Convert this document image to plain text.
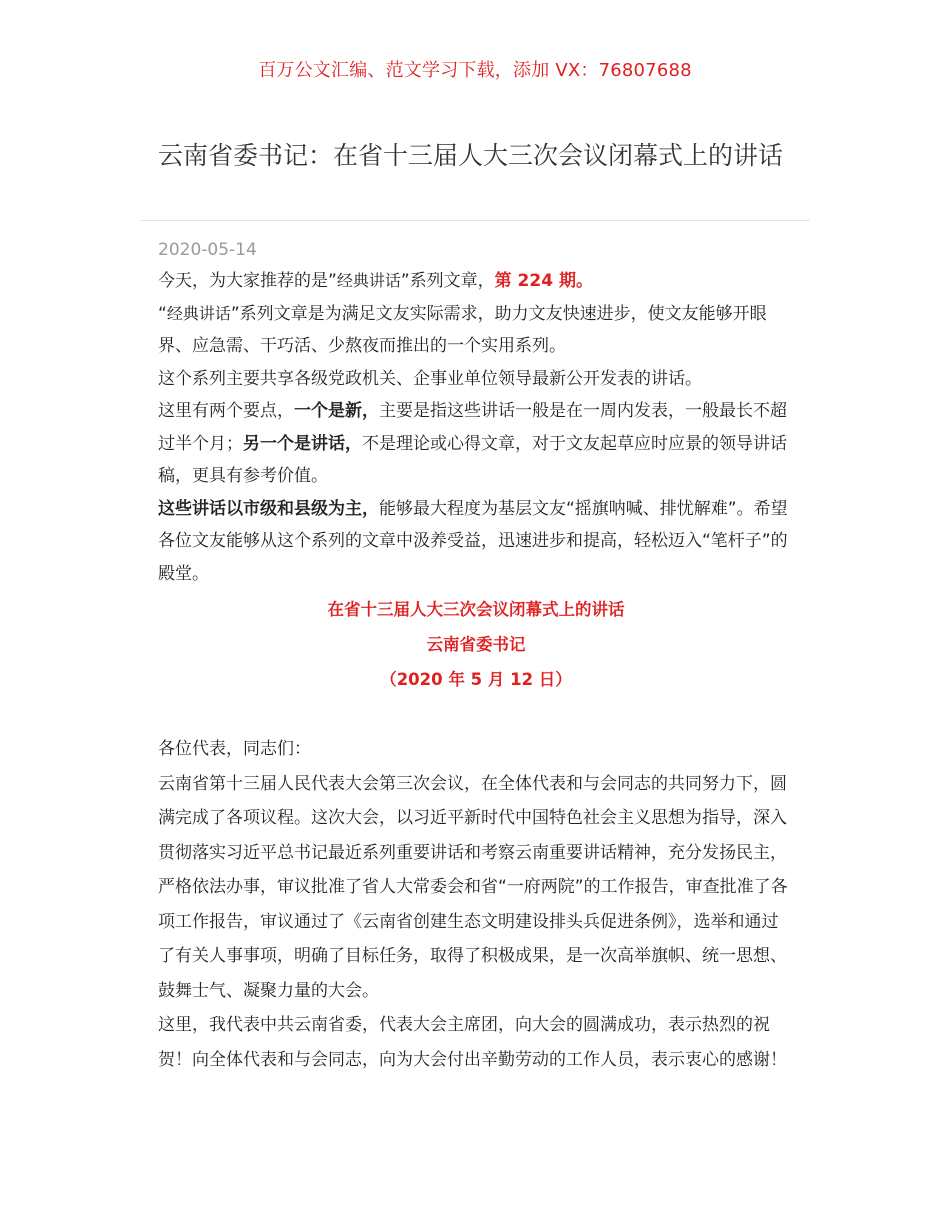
百万公文汇编、范文学习下载，添加 VX：76807688
云南省委书记：在省十三届人大三次会议闭幕式上的讲话
2020-05-14

今天，为大家推荐的是”经典讲话”系列文章，第 224 期。

“经典讲话”系列文章是为满足文友实际需求，助力文友快速进步，使文友能够开眼界、应急需、干巧活、少熬夜而推出的一个实用系列。

这个系列主要共享各级党政机关、企事业单位领导最新公开发表的讲话。

这里有两个要点，一个是新，主要是指这些讲话一般是在一周内发表，一般最长不超过半个月；另一个是讲话，不是理论或心得文章，对于文友起草应时应景的领导讲话稿，更具有参考价值。

这些讲话以市级和县级为主，能够最大程度为基层文友“摇旗呐喊、排忧解难”。希望各位文友能够从这个系列的文章中汲养受益，迅速进步和提高，轻松迈入“笔杆子”的殿堂。

在省十三届人大三次会议闭幕式上的讲话

云南省委书记

（2020 年 5 月 12 日）

各位代表，同志们：

云南省第十三届人民代表大会第三次会议，在全体代表和与会同志的共同努力下，圆满完成了各项议程。这次大会，以习近平新时代中国特色社会主义思想为指导，深入贯彻落实习近平总书记最近系列重要讲话和考察云南重要讲话精神，充分发扬民主，严格依法办事，审议批准了省人大常委会和省“一府两院”的工作报告，审查批准了各项工作报告，审议通过了《云南省创建生态文明建设排头兵促进条例》，选举和通过了有关人事事项，明确了目标任务，取得了积极成果，是一次高举旗帜、统一思想、鼓舞士气、凝聚力量的大会。

这里，我代表中共云南省委，代表大会主席团，向大会的圆满成功，表示热烈的祝贺！向全体代表和与会同志，向为大会付出辛勤劳动的工作人员，表示衷心的感谢！
